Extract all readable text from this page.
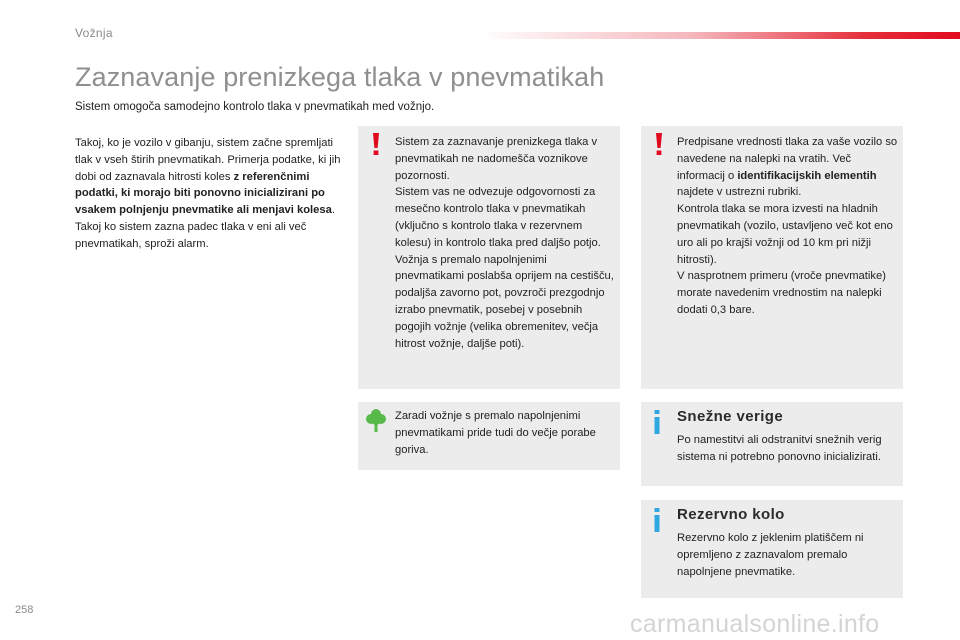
Vožnja
Zaznavanje prenizkega tlaka v pnevmatikah
Sistem omogoča samodejno kontrolo tlaka v pnevmatikah med vožnjo.
Takoj, ko je vozilo v gibanju, sistem začne spremljati tlak v vseh štirih pnevmatikah. Primerja podatke, ki jih dobi od zaznavala hitrosti koles z referenčnimi podatki, ki morajo biti ponovno inicializirani po vsakem polnjenju pnevmatike ali menjavi kolesa.
Takoj ko sistem zazna padec tlaka v eni ali več pnevmatikah, sproži alarm.
Sistem za zaznavanje prenizkega tlaka v pnevmatikah ne nadomešča voznikove pozornosti.
Sistem vas ne odvezuje odgovornosti za mesečno kontrolo tlaka v pnevmatikah (vključno s kontrolo tlaka v rezervnem kolesu) in kontrolo tlaka pred daljšo potjo.
Vožnja s premalo napolnjenimi pnevmatikami poslabša oprijem na cestišču, podaljša zavorno pot, povzroči prezgodnjo izrabo pnevmatik, posebej v posebnih pogojih vožnje (velika obremenitev, večja hitrost vožnje, daljše poti).
Predpisane vrednosti tlaka za vaše vozilo so navedene na nalepki na vratih. Več informacij o identifikacijskih elementih najdete v ustrezni rubriki.
Kontrola tlaka se mora izvesti na hladnih pnevmatikah (vozilo, ustavljeno več kot eno uro ali po krajši vožnji od 10 km pri nižji hitrosti).
V nasprotnem primeru (vroče pnevmatike) morate navedenim vrednostim na nalepki dodati 0,3 bare.
Zaradi vožnje s premalo napolnjenimi pnevmatikami pride tudi do večje porabe goriva.
Snežne verige
Po namestitvi ali odstranitvi snežnih verig sistema ni potrebno ponovno inicializirati.
Rezervno kolo
Rezervno kolo z jeklenim platiščem ni opremljeno z zaznavalom premalo napolnjene pnevmatike.
258	carmanualsonline.info
